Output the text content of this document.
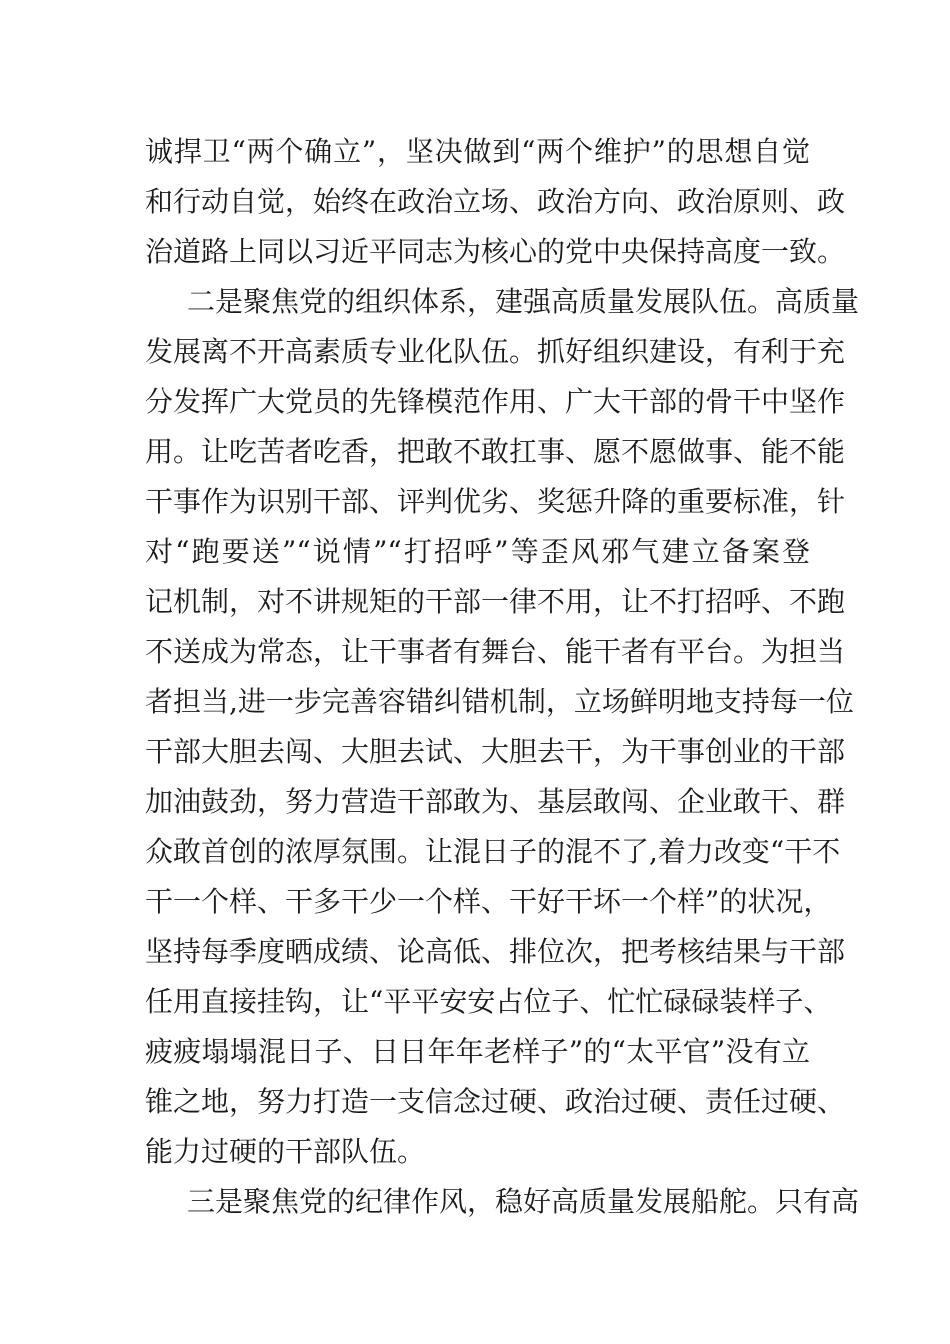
诚捍卫“两个确立”，坚决做到“两个维护”的思想自觉
和行动自觉，始终在政治立场、政治方向、政治原则、政
治道路上同以习近平同志为核心的党中央保持高度一致。
二是聚焦党的组织体系，建强高质量发展队伍。高质量
发展离不开高素质专业化队伍。抓好组织建设，有利于充
分发挥广大党员的先锋模范作用、广大干部的骨干中坚作
用。让吃苦者吃香，把敢不敢扛事、愿不愿做事、能不能
干事作为识别干部、评判优劣、奖惩升降的重要标准，针
对“跑要送”“说情”“打招呼”等歪风邪气建立备案登
记机制，对不讲规矩的干部一律不用，让不打招呼、不跑
不送成为常态，让干事者有舞台、能干者有平台。为担当
者担当,进一步完善容错纠错机制，立场鲜明地支持每一位
干部大胆去闯、大胆去试、大胆去干，为干事创业的干部
加油鼓劲，努力营造干部敢为、基层敢闯、企业敢干、群
众敢首创的浓厚氛围。让混日子的混不了,着力改变“干不
干一个样、干多干少一个样、干好干坏一个样”的状况，
坚持每季度晒成绩、论高低、排位次，把考核结果与干部
任用直接挂钩，让“平平安安占位子、忙忙碌碌装样子、
疲疲塌塌混日子、日日年年老样子”的“太平官”没有立
锥之地，努力打造一支信念过硬、政治过硬、责任过硬、
能力过硬的干部队伍。
三是聚焦党的纪律作风，稳好高质量发展船舵。只有高
